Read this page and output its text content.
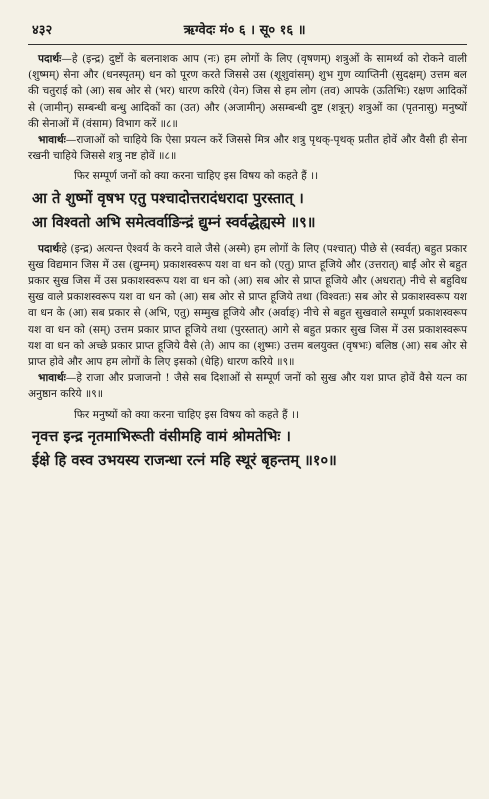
४३२	ऋग्वेदः मं० ६ । सू० १६ ॥

पदार्थः—हे (इन्द्र) दुष्टों के बलनाशक आप (नः) हम लोगों के लिए (वृषणम्) शत्रुओं के सामर्थ्य को रोकने वाली (शुष्मम्) सेना और (धनस्पृतम्) धन को पूरण करते जिससे उस (शूशुवांसम्) शुभ गुण व्याप्तिनी (सुदक्षम्) उत्तम बल की चतुराई को (आ) सब ओर से (भर) धारण करिये (येन) जिस से हम लोग (तव) आपके (ऊतिभिः) रक्षण आदिकों से (जामीन्) सम्बन्धी बन्धु आदिकों का (उत) और (अजामीन्) असम्बन्धी दुष्ट (शत्रून्) शत्रुओं का (पृतनासु) मनुष्यों की सेनाओं में (वंसाम) विभाग करें ॥८॥

भावार्थः—राजाओं को चाहिये कि ऐसा प्रयत्न करें जिससे मित्र और शत्रु पृथक्-पृथक् प्रतीत होवें और वैसी ही सेना रखनी चाहिये जिससे शत्रु नष्ट होवें ॥८॥

फिर सम्पूर्ण जनों को क्या करना चाहिए इस विषय को कहते हैं ।।

आ ते शुष्मों वृषभ एतु पश्चादोत्तरादंधरादा पुरस्तात् ।

आ विश्वतो अभि समेत्वर्वाङिन्द्रं द्युम्नं स्वर्वद्धेह्यस्मे ॥९॥

पदार्थःहे (इन्द्र) अत्यन्त ऐश्वर्य के करने वाले जैसे (अस्मे) हम लोगों के लिए (पश्चात्) पीछे से (स्वर्वत्) बहुत प्रकार सुख विद्यमान जिस में उस (द्युम्नम्) प्रकाशस्वरूप यश वा धन को (एतु) प्राप्त हूजिये और (उत्तरात्) बाईं ओर से बहुत प्रकार सुख जिस में उस प्रकाशस्वरूप यश वा धन को (आ) सब ओर से प्राप्त हूजिये और (अधरात्) नीचे से बहुविध सुख वाले प्रकाशस्वरूप यश वा धन को (आ) सब ओर से प्राप्त हूजिये तथा (विश्वतः) सब ओर से प्रकाशस्वरूप यश वा धन के (आ) सब प्रकार से (अभि, एतु) सम्मुख हूजिये और (अर्वाङ्) नीचे से बहुत सुखवाले सम्पूर्ण प्रकाशस्वरूप यश वा धन को (सम्) उत्तम प्रकार प्राप्त हूजिये तथा (पुरस्तात्) आगे से बहुत प्रकार सुख जिस में उस प्रकाशस्वरूप यश वा धन को अच्छे प्रकार प्राप्त हूजिये वैसे (ते) आप का (शुष्मः) उत्तम बलयुक्त (वृषभः) बलिष्ठ (आ) सब ओर से प्राप्त होवे और आप हम लोगों के लिए इसको (धेहि) धारण करिये ॥९॥

भावार्थः—हे राजा और प्रजाजनो ! जैसे सब दिशाओं से सम्पूर्ण जनों को सुख और यश प्राप्त होवें वैसे यत्न का अनुष्ठान करिये ॥९॥

फिर मनुष्यों को क्या करना चाहिए इस विषय को कहते हैं ।।

नृवत्त इन्द्र नृतमाभिरूती वंसीमहि वामं श्रोमतेभिः ।

ईक्षे हि वस्व उभयस्य राजन्धा रत्नं महि स्थूरं बृहन्तम् ॥१०॥
